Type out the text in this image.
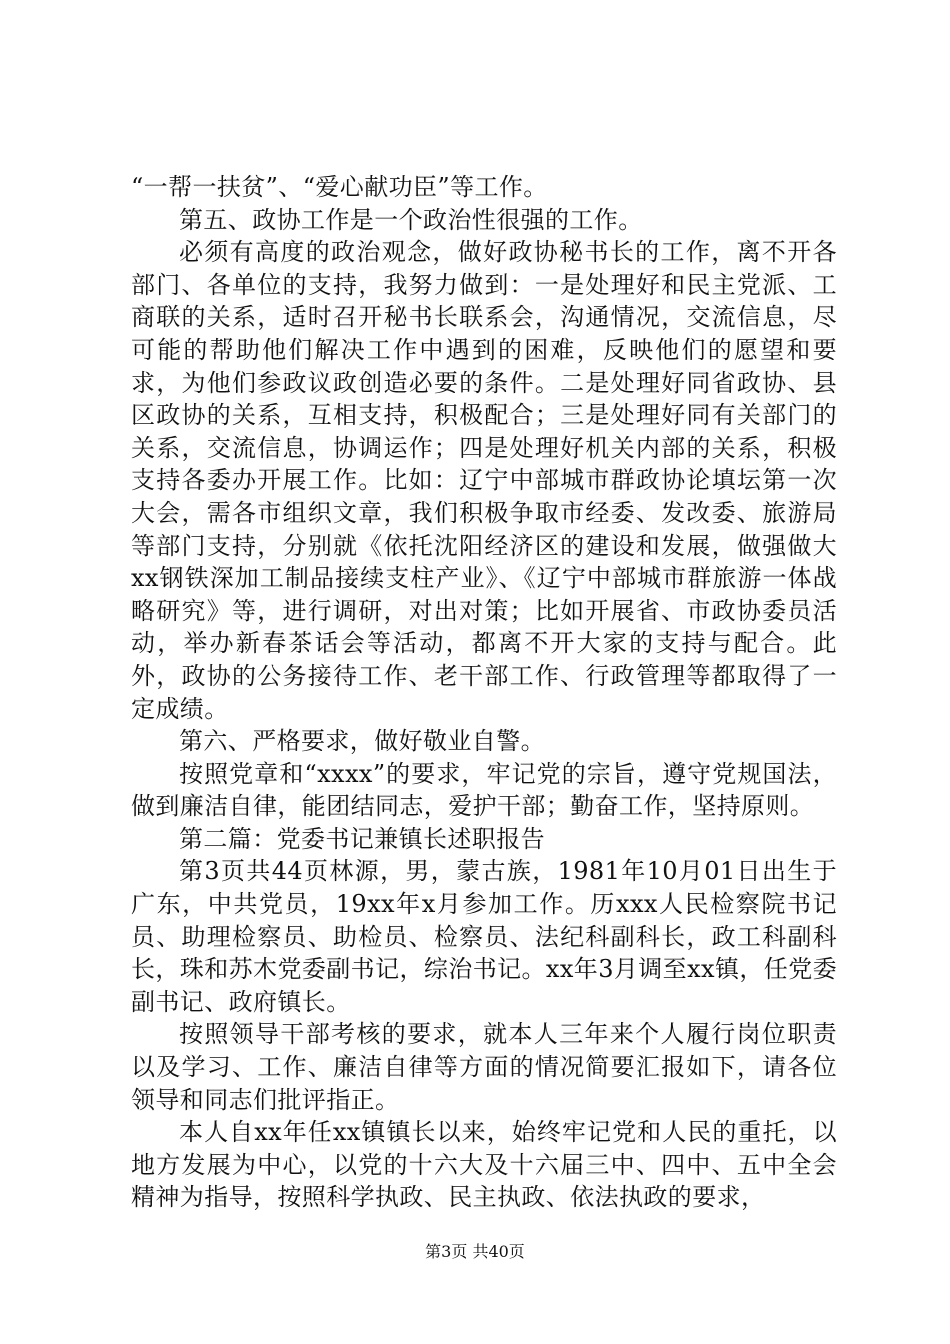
“一帮一扶贫”、“爱心献功臣”等工作。

第五、政协工作是一个政治性很强的工作。

必须有高度的政治观念，做好政协秘书长的工作，离不开各部门、各单位的支持，我努力做到：一是处理好和民主党派、工商联的关系，适时召开秘书长联系会，沟通情况，交流信息，尽可能的帮助他们解决工作中遇到的困难，反映他们的愿望和要求，为他们参政议政创造必要的条件。二是处理好同省政协、县区政协的关系，互相支持，积极配合；三是处理好同有关部门的关系，交流信息，协调运作；四是处理好机关内部的关系，积极支持各委办开展工作。比如：辽宁中部城市群政协论填坛第一次大会，需各市组织文章，我们积极争取市经委、发改委、旅游局等部门支持，分别就《依托沈阳经济区的建设和发展，做强做大xx钢铁深加工制品接续支柱产业》、《辽宁中部城市群旅游一体战略研究》等，进行调研，对出对策；比如开展省、市政协委员活动，举办新春茶话会等活动，都离不开大家的支持与配合。此外，政协的公务接待工作、老干部工作、行政管理等都取得了一定成绩。

第六、严格要求，做好敬业自警。

按照党章和“xxxx”的要求，牢记党的宗旨，遵守党规国法，做到廉洁自律，能团结同志，爱护干部；勤奋工作，坚持原则。

第二篇：党委书记兼镇长述职报告

第3页共44页林源，男，蒙古族，1981年10月01日出生于广东，中共党员，19xx年x月参加工作。历xxx人民检察院书记员、助理检察员、助检员、检察员、法纪科副科长，政工科副科长，珠和苏木党委副书记，综治书记。xx年3月调至xx镇，任党委副书记、政府镇长。

按照领导干部考核的要求，就本人三年来个人履行岗位职责以及学习、工作、廉洁自律等方面的情况简要汇报如下，请各位领导和同志们批评指正。

本人自xx年任xx镇镇长以来，始终牢记党和人民的重托，以地方发展为中心，以党的十六大及十六届三中、四中、五中全会精神为指导，按照科学执政、民主执政、依法执政的要求，

第3页 共40页
